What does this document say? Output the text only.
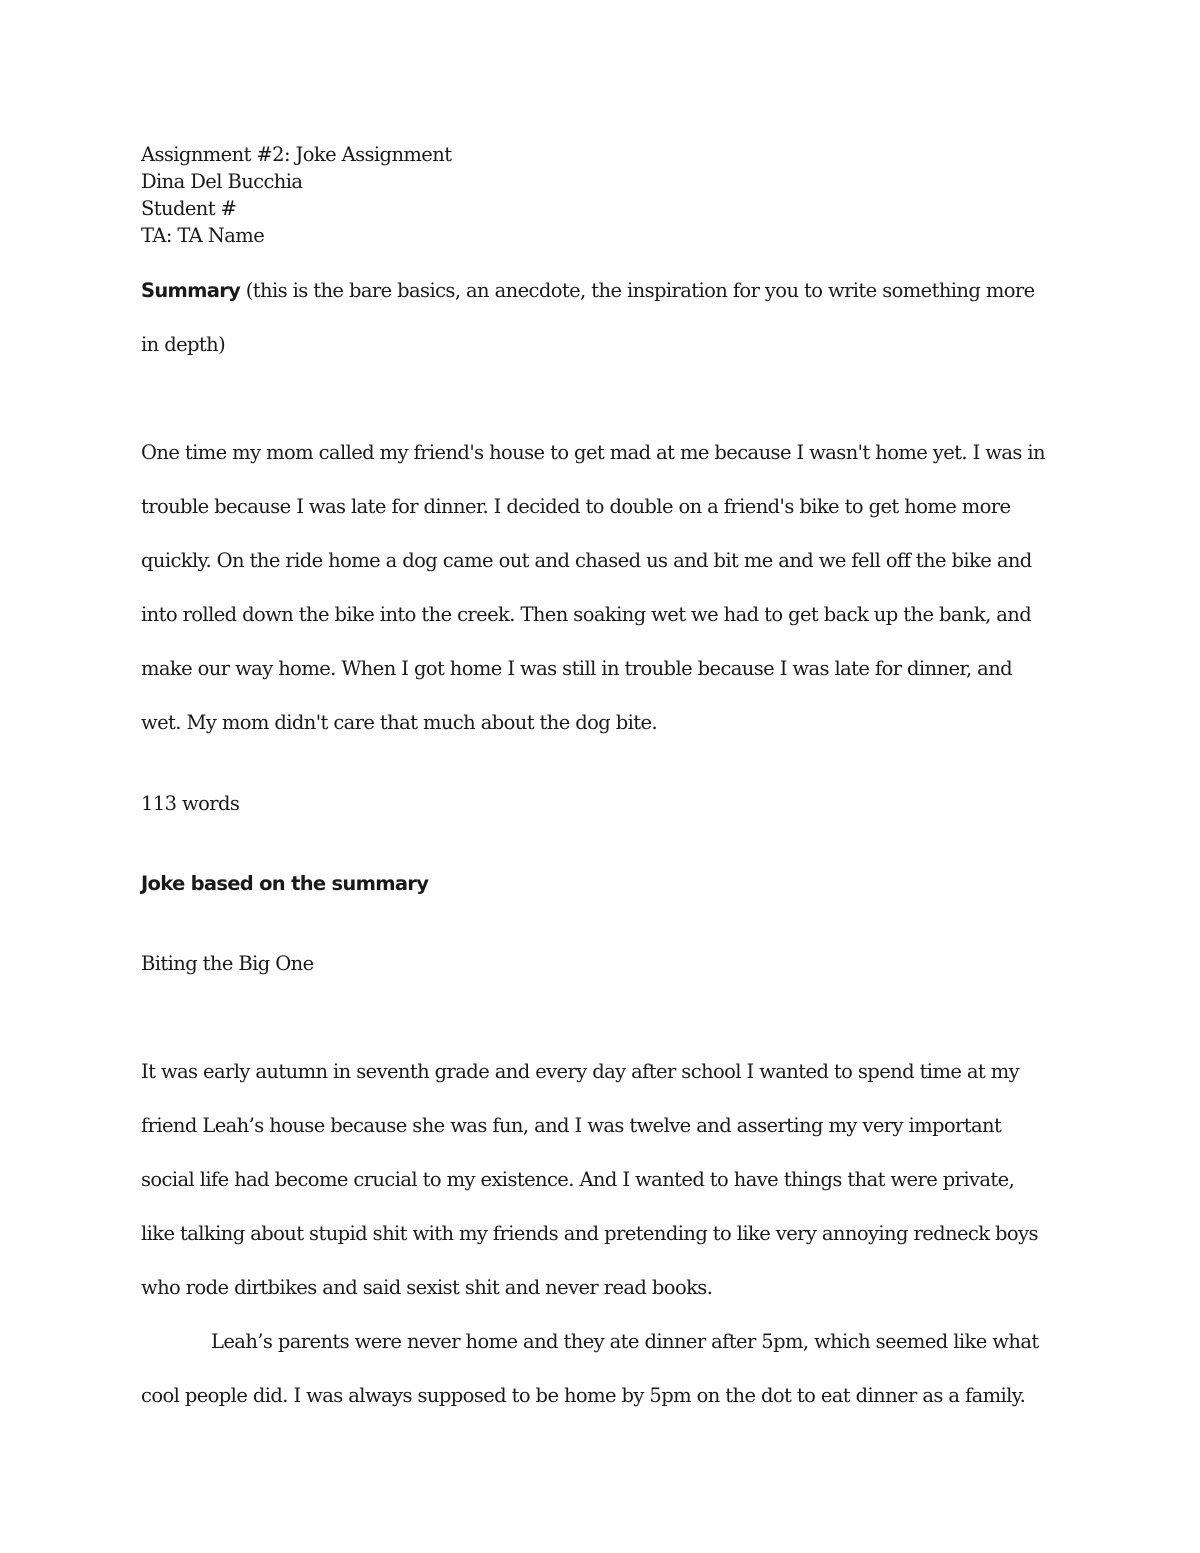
Assignment #2: Joke Assignment
Dina Del Bucchia
Student #
TA: TA Name
Summary (this is the bare basics, an anecdote, the inspiration for you to write something more
in depth)
One time my mom called my friend's house to get mad at me because I wasn't home yet. I was in
trouble because I was late for dinner. I decided to double on a friend's bike to get home more
quickly. On the ride home a dog came out and chased us and bit me and we fell off the bike and
into rolled down the bike into the creek. Then soaking wet we had to get back up the bank, and
make our way home. When I got home I was still in trouble because I was late for dinner, and
wet. My mom didn't care that much about the dog bite.
113 words
Joke based on the summary
Biting the Big One
It was early autumn in seventh grade and every day after school I wanted to spend time at my
friend Leah’s house because she was fun, and I was twelve and asserting my very important
social life had become crucial to my existence. And I wanted to have things that were private,
like talking about stupid shit with my friends and pretending to like very annoying redneck boys
who rode dirtbikes and said sexist shit and never read books.
Leah’s parents were never home and they ate dinner after 5pm, which seemed like what
cool people did. I was always supposed to be home by 5pm on the dot to eat dinner as a family.
